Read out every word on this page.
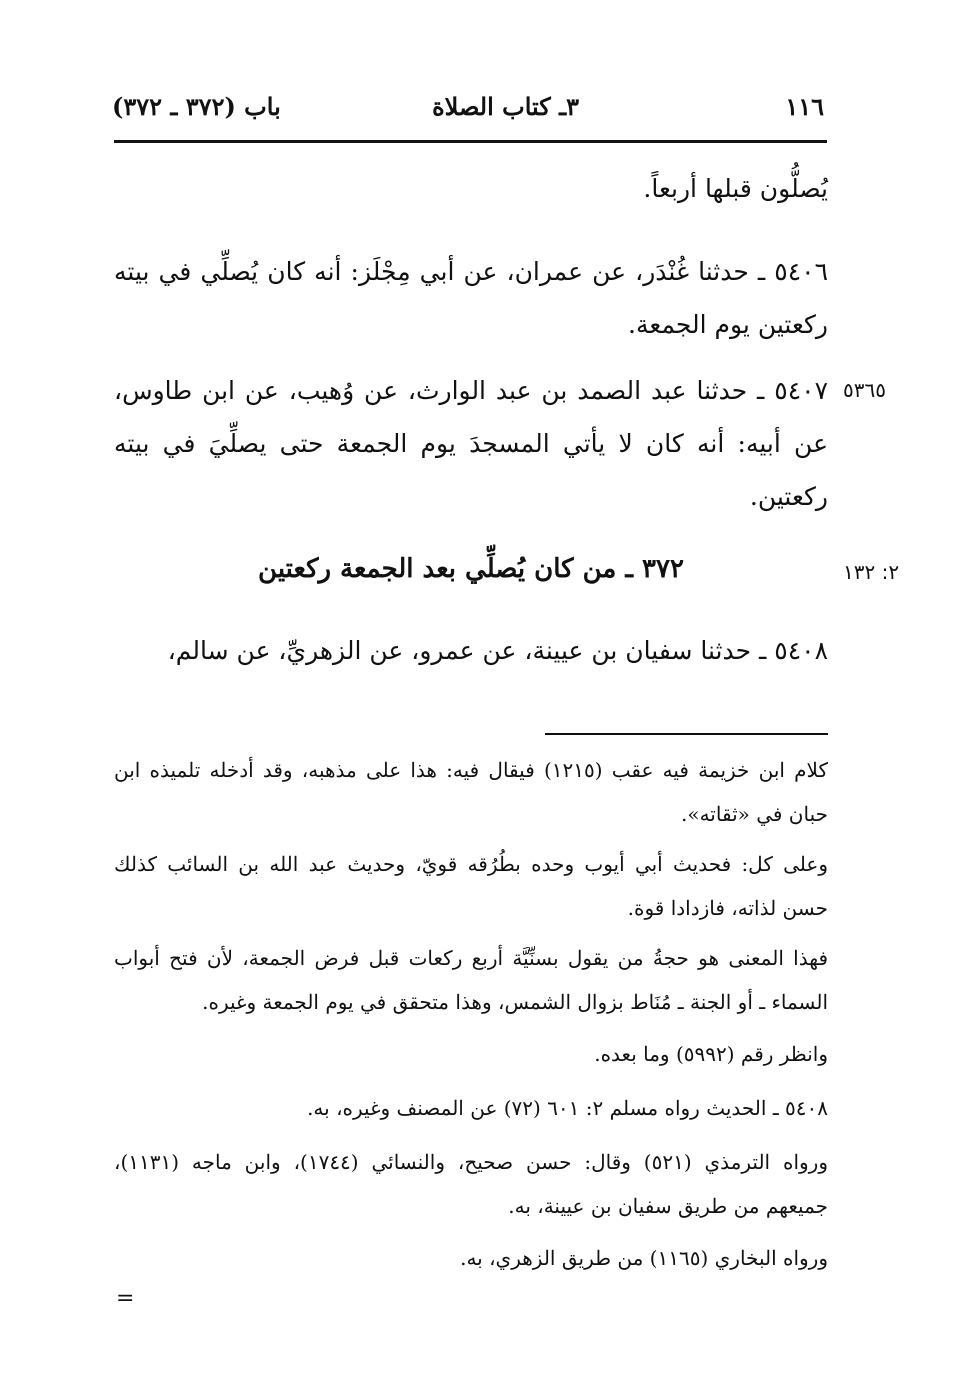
١١٦
٣ـ كتاب الصلاة
باب (٣٧٢ ـ ٣٧٢)
يُصلُّون قبلها أربعاً.
٥٤٠٦ ـ حدثنا غُنْدَر، عن عمران، عن أبي مِجْلَز: أنه كان يُصلِّي في بيته ركعتين يوم الجمعة.
٥٤٠٧ ـ حدثنا عبد الصمد بن عبد الوارث، عن وُهيب، عن ابن طاوس، عن أبيه: أنه كان لا يأتي المسجدَ يوم الجمعة حتى يصلِّيَ في بيته ركعتين.
٥٣٦٥
٣٧٢ ـ من كان يُصلِّي بعد الجمعة ركعتين	٢: ١٣٢
٥٤٠٨ ـ حدثنا سفيان بن عيينة، عن عمرو، عن الزهريِّ، عن سالم،
كلام ابن خزيمة فيه عقب (١٢١٥) فيقال فيه: هذا على مذهبه، وقد أدخله تلميذه ابن حبان في «ثقاته».
وعلى كل: فحديث أبي أيوب وحده بطُرُقه قويّ، وحديث عبد الله بن السائب كذلك حسن لذاته، فازدادا قوة.
فهذا المعنى هو حجةُ من يقول بسنِّيَّة أربع ركعات قبل فرض الجمعة، لأن فتح أبواب السماء ـ أو الجنة ـ مُنَاط بزوال الشمس، وهذا متحقق في يوم الجمعة وغيره.
وانظر رقم (٥٩٩٢) وما بعده.
٥٤٠٨ ـ الحديث رواه مسلم ٢: ٦٠١ (٧٢) عن المصنف وغيره، به.
ورواه الترمذي (٥٢١) وقال: حسن صحيح، والنسائي (١٧٤٤)، وابن ماجه (١١٣١)، جميعهم من طريق سفيان بن عيينة، به.
ورواه البخاري (١١٦٥) من طريق الزهري، به.
=
